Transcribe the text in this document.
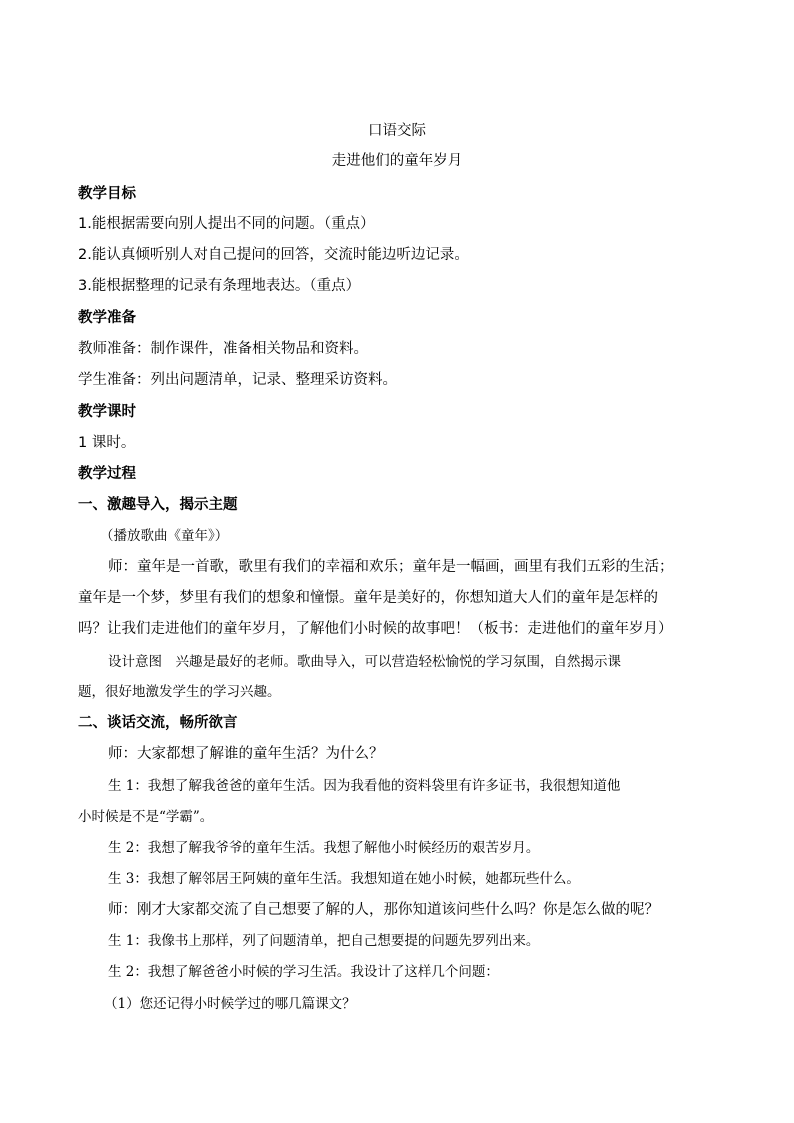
口语交际
走进他们的童年岁月
教学目标
1.能根据需要向别人提出不同的问题。（重点）
2.能认真倾听别人对自己提问的回答，交流时能边听边记录。
3.能根据整理的记录有条理地表达。（重点）
教学准备
教师准备：制作课件，准备相关物品和资料。
学生准备：列出问题清单，记录、整理采访资料。
教学课时
1 课时。
教学过程
一、激趣导入，揭示主题
（播放歌曲《童年》）
师：童年是一首歌，歌里有我们的幸福和欢乐；童年是一幅画，画里有我们五彩的生活；
童年是一个梦，梦里有我们的想象和憧憬。童年是美好的，你想知道大人们的童年是怎样的
吗？让我们走进他们的童年岁月，了解他们小时候的故事吧！（板书：走进他们的童年岁月）
设计意图　兴趣是最好的老师。歌曲导入，可以营造轻松愉悦的学习氛围，自然揭示课
题，很好地激发学生的学习兴趣。
二、谈话交流，畅所欲言
师：大家都想了解谁的童年生活？为什么？
生 1：我想了解我爸爸的童年生活。因为我看他的资料袋里有许多证书，我很想知道他
小时候是不是“学霸”。
生 2：我想了解我爷爷的童年生活。我想了解他小时候经历的艰苦岁月。
生 3：我想了解邻居王阿姨的童年生活。我想知道在她小时候，她都玩些什么。
师：刚才大家都交流了自己想要了解的人，那你知道该问些什么吗？你是怎么做的呢？
生 1：我像书上那样，列了问题清单，把自己想要提的问题先罗列出来。
生 2：我想了解爸爸小时候的学习生活。我设计了这样几个问题：
（1）您还记得小时候学过的哪几篇课文？
